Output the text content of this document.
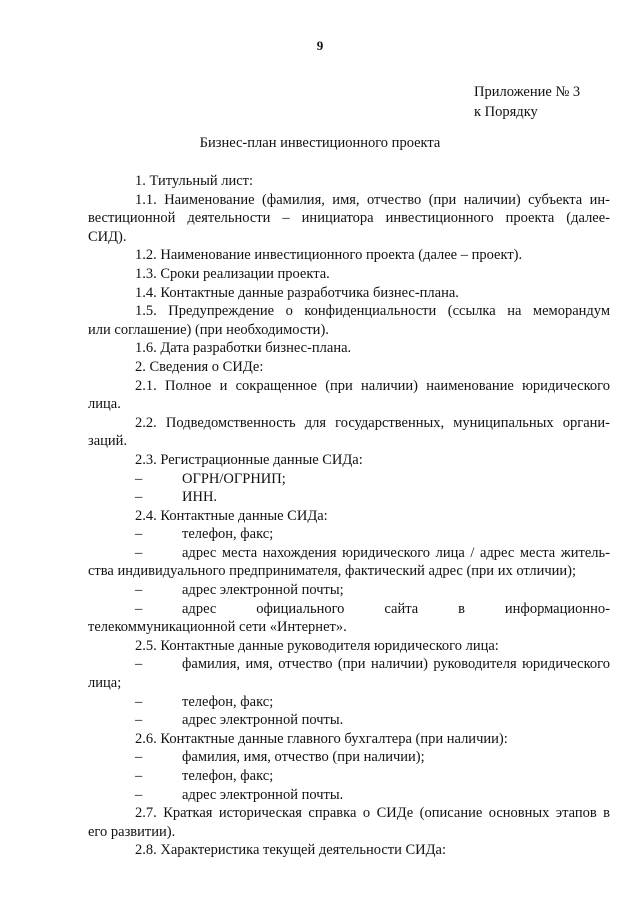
9
Приложение № 3
к Порядку
Бизнес-план инвестиционного проекта
1. Титульный лист:
1.1. Наименование (фамилия, имя, отчество (при наличии) субъекта ин-
вестиционной деятельности – инициатора инвестиционного проекта (далее-
СИД).
1.2. Наименование инвестиционного проекта (далее – проект).
1.3. Сроки реализации проекта.
1.4. Контактные данные разработчика бизнес-плана.
1.5. Предупреждение о конфиденциальности (ссылка на меморандум
или соглашение) (при необходимости).
1.6. Дата разработки бизнес-плана.
2. Сведения о СИДе:
2.1. Полное и сокращенное (при наличии) наименование юридического
лица.
2.2. Подведомственность для государственных, муниципальных органи-
заций.
2.3. Регистрационные данные СИДа:
–	ОГРН/ОГРНИП;
–	ИНН.
2.4. Контактные данные СИДа:
–	телефон, факс;
–	адрес места нахождения юридического лица / адрес места житель-
ства индивидуального предпринимателя, фактический адрес (при их отличии);
–	адрес электронной почты;
–	адрес официального сайта в информационно-
телекоммуникационной сети «Интернет».
2.5. Контактные данные руководителя юридического лица:
–	фамилия, имя, отчество (при наличии) руководителя юридического
лица;
–	телефон, факс;
–	адрес электронной почты.
2.6. Контактные данные главного бухгалтера (при наличии):
–	фамилия, имя, отчество (при наличии);
–	телефон, факс;
–	адрес электронной почты.
2.7. Краткая историческая справка о СИДе (описание основных этапов в
его развитии).
2.8. Характеристика текущей деятельности СИДа:
